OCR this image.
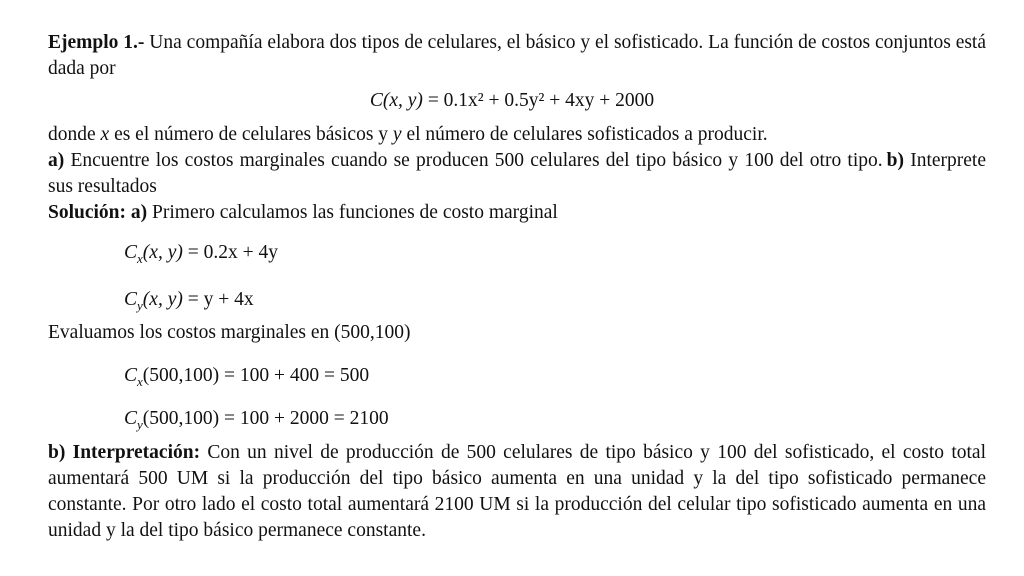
Ejemplo 1.- Una compañía elabora dos tipos de celulares, el básico y el sofisticado. La función de costos conjuntos está dada por

C(x, y) = 0.1x² + 0.5y² + 4xy + 2000
donde x es el número de celulares básicos y y el número de celulares sofisticados a producir.

a) Encuentre los costos marginales cuando se producen 500 celulares del tipo básico y 100 del otro tipo. b) Interprete sus resultados

Solución: a) Primero calculamos las funciones de costo marginal
$C_x(x$, y) = 0.2x + 4y
$C_y(x$, y) = y + 4x
Evaluamos los costos marginales en (500,100)
$C_x(500,100) = 100 + 400 = 500$
$C_y(500,100) = 100 + 2000 = 2100$

b) Interpretación: Con un nivel de producción de 500 celulares de tipo básico y 100 del sofisticado, el costo total aumentará 500 UM si la producción del tipo básico aumenta en una unidad y la del tipo sofisticado permanece constante. Por otro lado el costo total aumentará 2100 UM si la producción del celular tipo sofisticado aumenta en una unidad y la del tipo básico permanece constante.
